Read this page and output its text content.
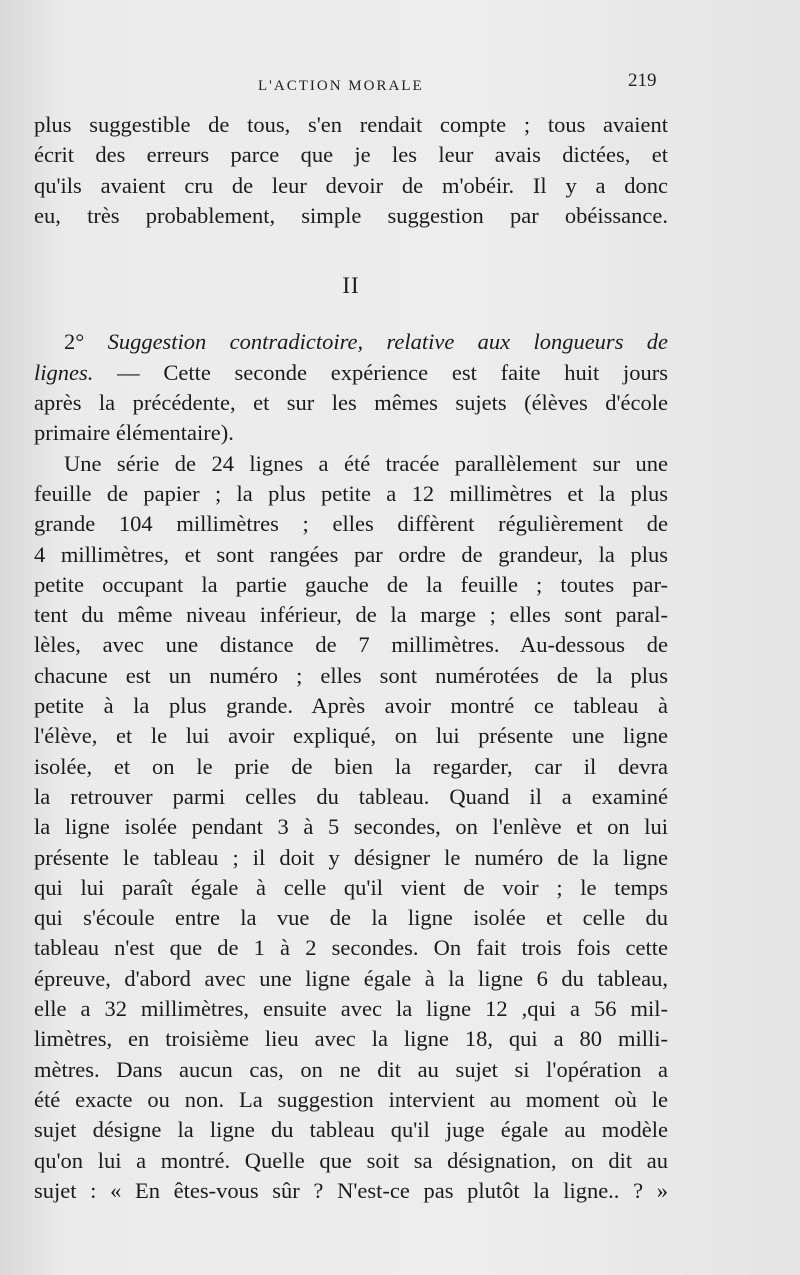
L'ACTION MORALE	219
plus suggestible de tous, s'en rendait compte ; tous avaient
écrit des erreurs parce que je les leur avais dictées, et
qu'ils avaient cru de leur devoir de m'obéir. Il y a donc
eu, très probablement, simple suggestion par obéissance.
II
2° Suggestion contradictoire, relative aux longueurs de
lignes. — Cette seconde expérience est faite huit jours
après la précédente, et sur les mêmes sujets (élèves d'école
primaire élémentaire).
Une série de 24 lignes a été tracée parallèlement sur une
feuille de papier ; la plus petite a 12 millimètres et la plus
grande 104 millimètres ; elles diffèrent régulièrement de
4 millimètres, et sont rangées par ordre de grandeur, la plus
petite occupant la partie gauche de la feuille ; toutes par-
tent du même niveau inférieur, de la marge ; elles sont paral-
lèles, avec une distance de 7 millimètres. Au-dessous de
chacune est un numéro ; elles sont numérotées de la plus
petite à la plus grande. Après avoir montré ce tableau à
l'élève, et le lui avoir expliqué, on lui présente une ligne
isolée, et on le prie de bien la regarder, car il devra
la retrouver parmi celles du tableau. Quand il a examiné
la ligne isolée pendant 3 à 5 secondes, on l'enlève et on lui
présente le tableau ; il doit y désigner le numéro de la ligne
qui lui paraît égale à celle qu'il vient de voir ; le temps
qui s'écoule entre la vue de la ligne isolée et celle du
tableau n'est que de 1 à 2 secondes. On fait trois fois cette
épreuve, d'abord avec une ligne égale à la ligne 6 du tableau,
elle a 32 millimètres, ensuite avec la ligne 12 ,qui a 56 mil-
limètres, en troisième lieu avec la ligne 18, qui a 80 milli-
mètres. Dans aucun cas, on ne dit au sujet si l'opération a
été exacte ou non. La suggestion intervient au moment où le
sujet désigne la ligne du tableau qu'il juge égale au modèle
qu'on lui a montré. Quelle que soit sa désignation, on dit au
sujet : « En êtes-vous sûr ? N'est-ce pas plutôt la ligne.. ? »
